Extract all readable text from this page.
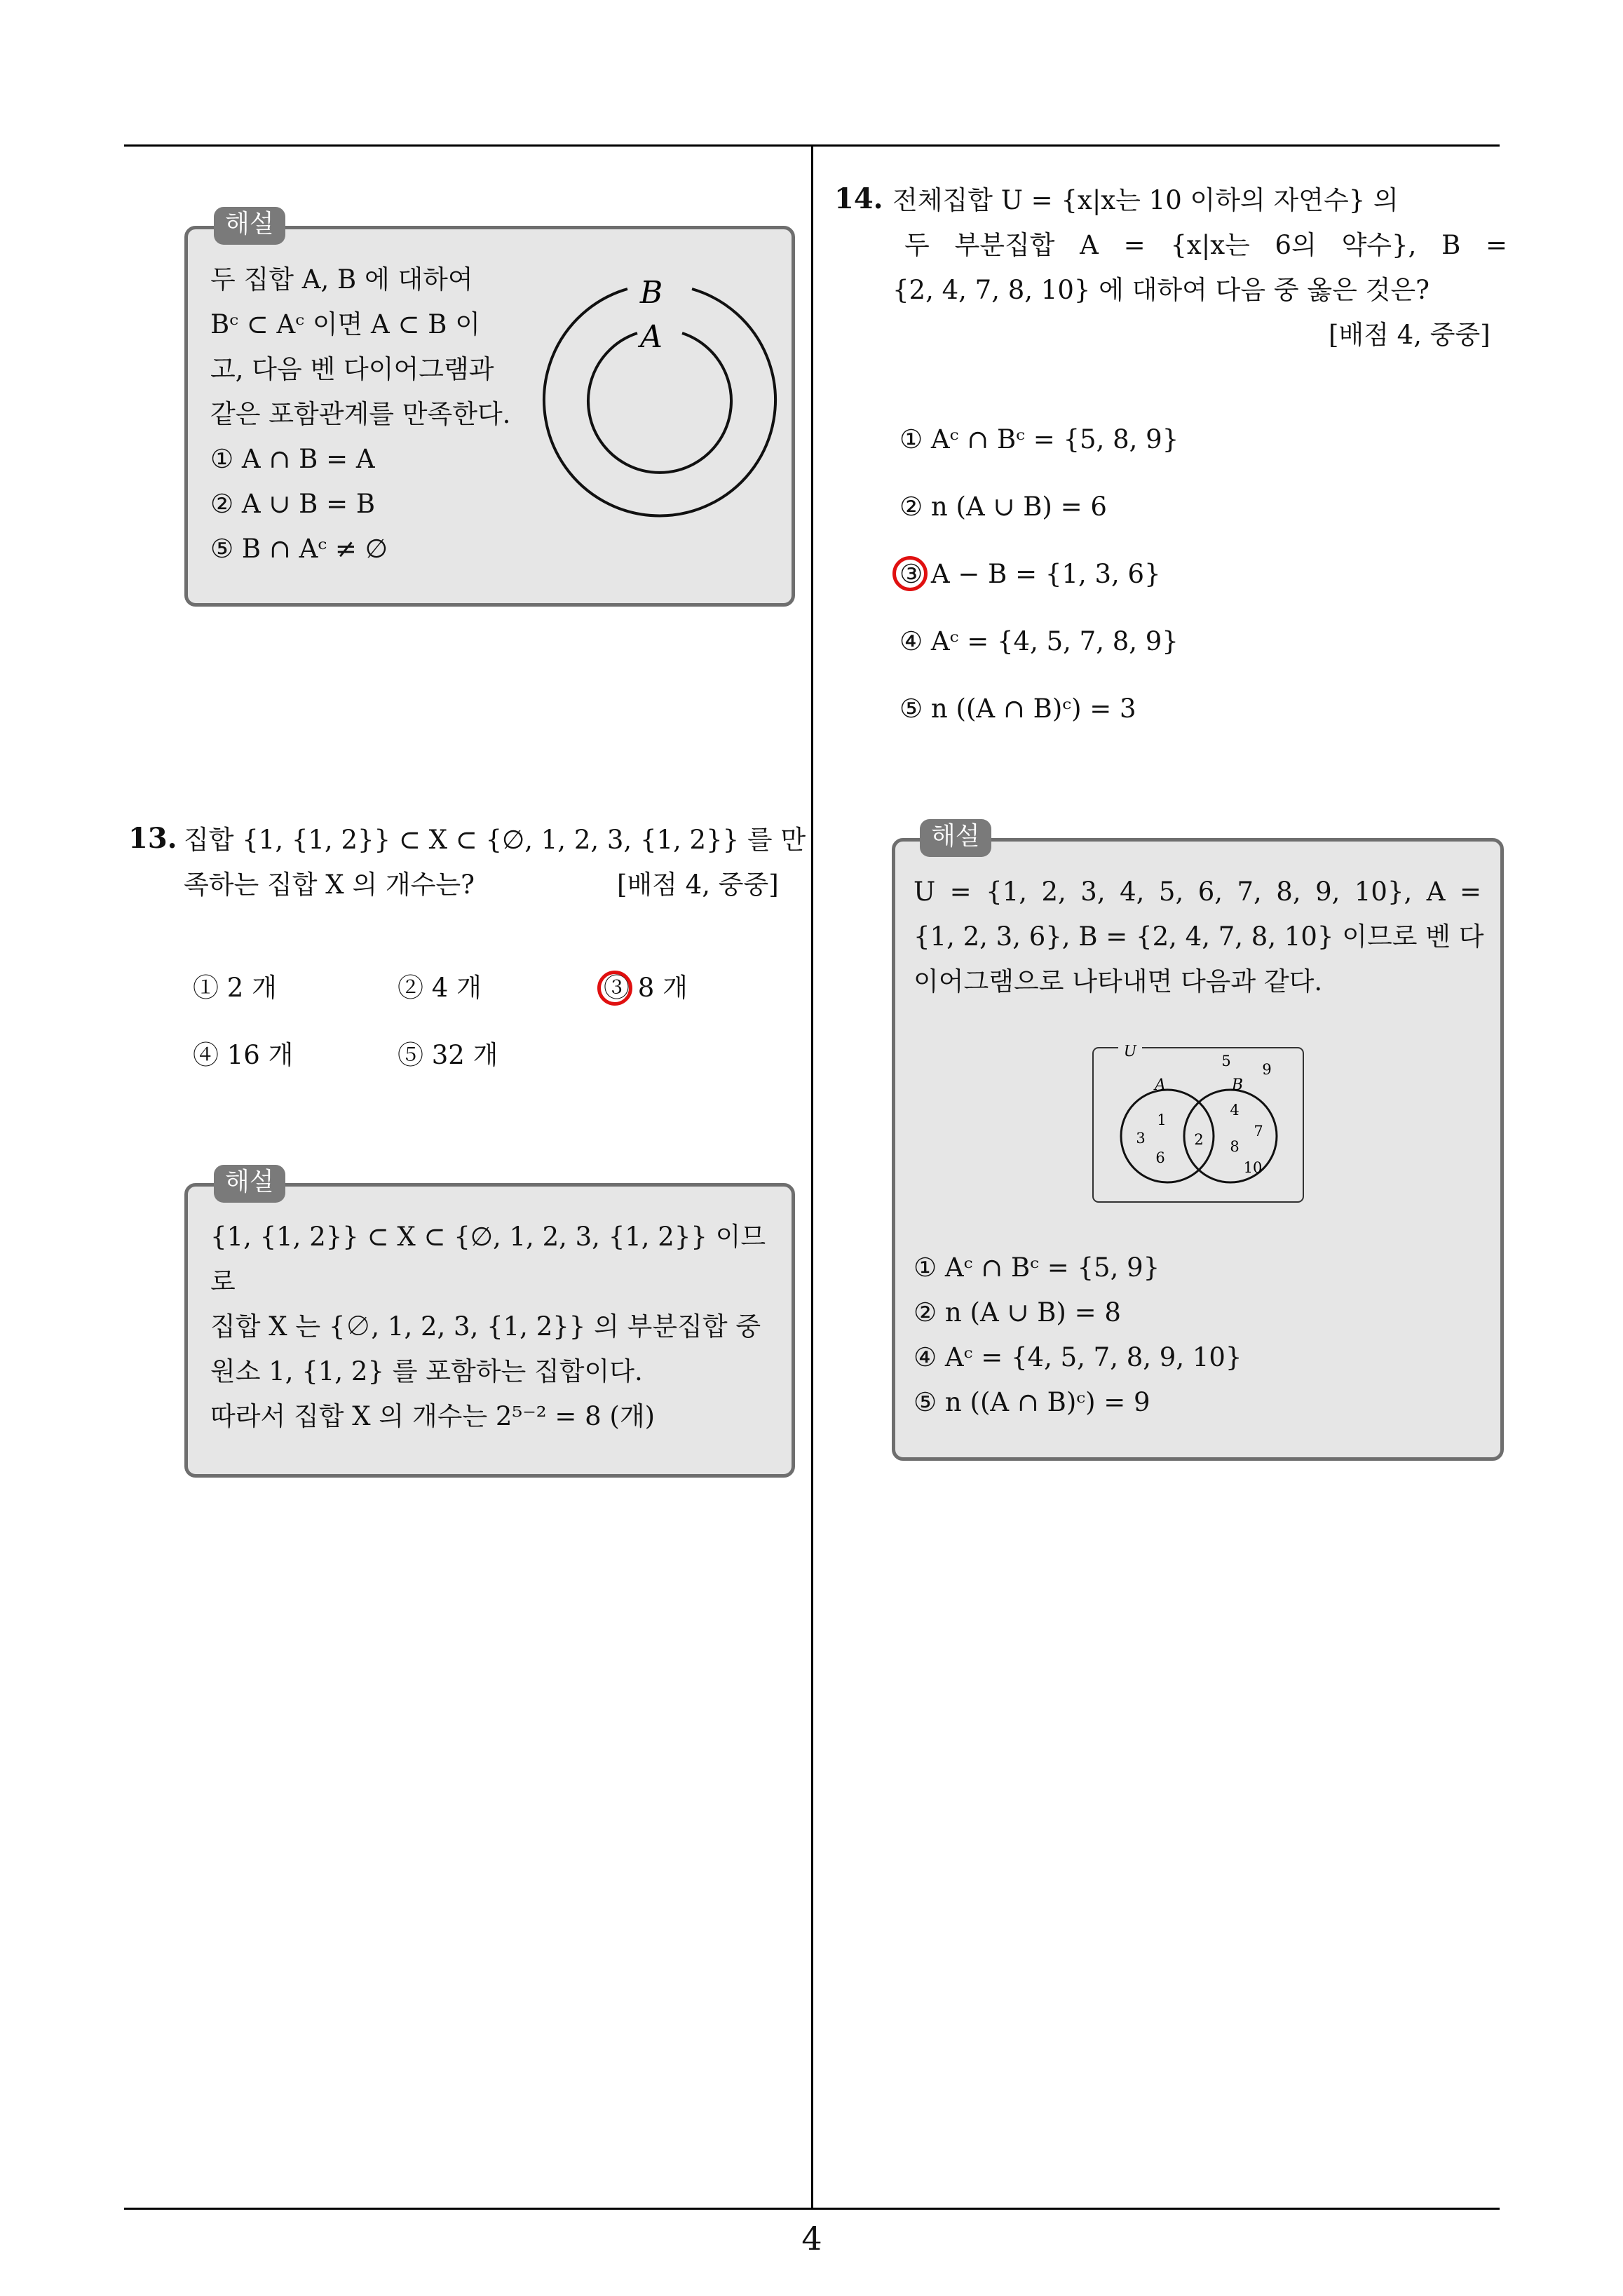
4
두 집합 A, B 에 대하여
Bᶜ ⊂ Aᶜ 이면 A ⊂ B 이
고, 다음 벤 다이어그램과
같은 포함관계를 만족한다.
① A ∩ B = A
② A ∪ B = B
⑤ B ∩ Aᶜ ≠ ∅
B
A
해설
13. 집합 {1, {1, 2}} ⊂ X ⊂ {∅, 1, 2, 3, {1, 2}} 를 만
족하는 집합 X 의 개수는?	[배점 4, 중중]
① 2 개	② 4 개	③ 8 개
④ 16 개	⑤ 32 개
{1, {1, 2}} ⊂ X ⊂ {∅, 1, 2, 3, {1, 2}} 이므
로
집합 X 는 {∅, 1, 2, 3, {1, 2}} 의 부분집합 중
원소 1, {1, 2} 를 포함하는 집합이다.
따라서 집합 X 의 개수는 2⁵⁻² = 8 (개)
해설
14. 전체집합 U = {x|x는 10 이하의 자연수} 의
두 부분집합 A = {x|x는 6의 약수}, B =
{2, 4, 7, 8, 10} 에 대하여 다음 중 옳은 것은?
[배점 4, 중중]
① Aᶜ ∩ Bᶜ = {5, 8, 9}
② n (A ∪ B) = 6
③ A − B = {1, 3, 6}
④ Aᶜ = {4, 5, 7, 8, 9}
⑤ n ((A ∩ B)ᶜ) = 3
U = {1, 2, 3, 4, 5, 6, 7, 8, 9, 10}, A =
{1, 2, 3, 6}, B = {2, 4, 7, 8, 10} 이므로 벤 다
이어그램으로 나타내면 다음과 같다.
U
A	B
5 9
1
3
6
2
4
7
8
10
① Aᶜ ∩ Bᶜ = {5, 9}
② n (A ∪ B) = 8
④ Aᶜ = {4, 5, 7, 8, 9, 10}
⑤ n ((A ∩ B)ᶜ) = 9
해설
